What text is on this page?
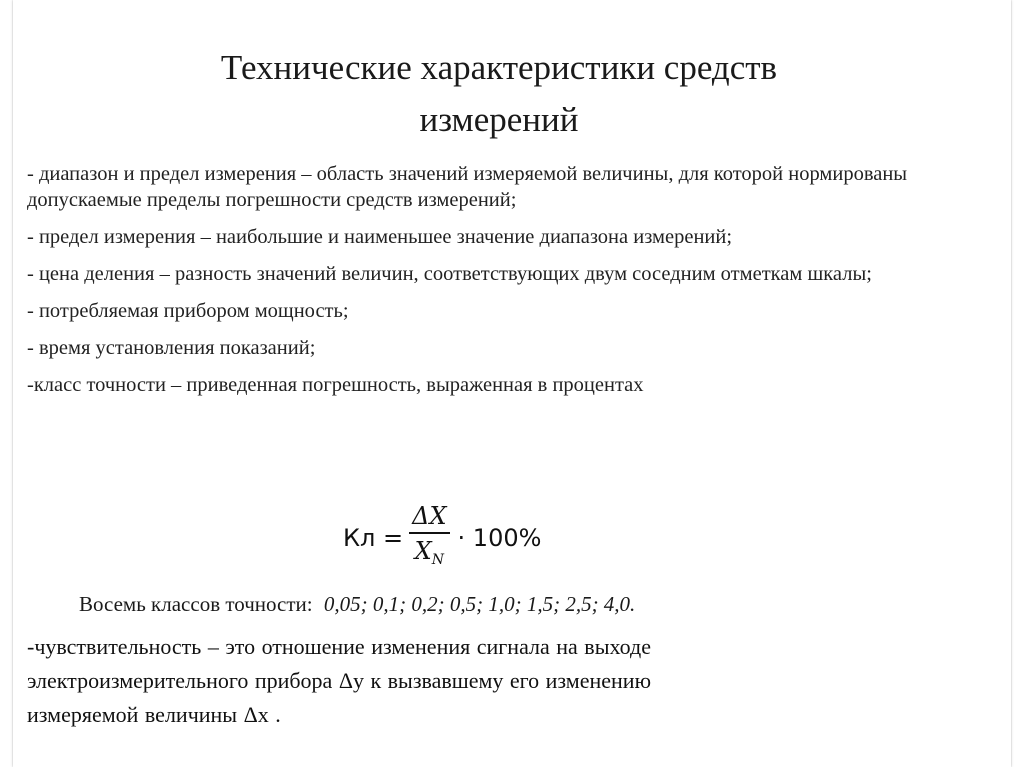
Технические характеристики средств
измерений
- диапазон и предел измерения – область значений измеряемой величины, для которой нормированы допускаемые пределы погрешности средств измерений;
- предел измерения – наибольшие и наименьшее значение диапазона измерений;
- цена деления – разность значений величин, соответствующих двум соседним отметкам шкалы;
- потребляемая прибором мощность;
- время установления показаний;
-класс точности – приведенная погрешность, выраженная в процентах
Кл = $\frac{\Delta X}{X_N} \cdot 100\%$
Восемь классов точности: 0,05; 0,1; 0,2; 0,5; 1,0; 1,5; 2,5; 4,0.
-чувствительность – это отношение изменения сигнала на выходе
электроизмерительного прибора Δу к вызвавшему его изменению
измеряемой величины Δх .
